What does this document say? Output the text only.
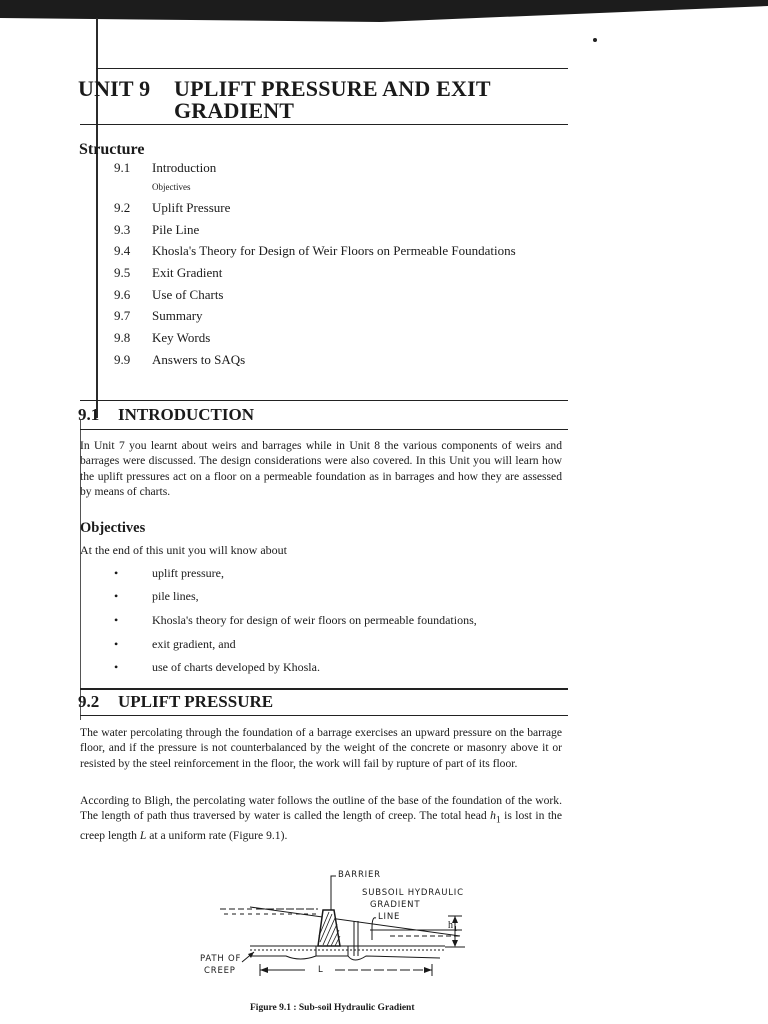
UNIT 9 UPLIFT PRESSURE AND EXIT
GRADIENT
Structure
9.1	Introduction
Objectives
9.2	Uplift Pressure
9.3	Pile Line
9.4	Khosla's Theory for Design of Weir Floors on Permeable Foundations
9.5	Exit Gradient
9.6	Use of Charts
9.7	Summary
9.8	Key Words
9.9	Answers to SAQs
9.1 INTRODUCTION
In Unit 7 you learnt about weirs and barrages while in Unit 8 the various components of weirs and barrages were discussed. The design considerations were also covered. In this Unit you will learn how the uplift pressures act on a floor on a permeable foundation as in barrages and how they are assessed by means of charts.
Objectives
At the end of this unit you will know about
•	uplift pressure,
•	pile lines,
•	Khosla's theory for design of weir floors on permeable foundations,
•	exit gradient, and
•	use of charts developed by Khosla.
9.2 UPLIFT PRESSURE
The water percolating through the foundation of a barrage exercises an upward pressure on the barrage floor, and if the pressure is not counterbalanced by the weight of the concrete or masonry above it or resisted by the steel reinforcement in the floor, the work will fail by rupture of part of its floor.
According to Bligh, the percolating water follows the outline of the base of the foundation of the work. The length of path thus traversed by water is called the length of creep. The total head $h_1$ is lost in the creep length L at a uniform rate (Figure 9.1).
BARRIER
SUBSOIL HYDRAULIC
GRADIENT
LINE
$h_1$
PATH OF
CREEP	L
Figure 9.1 : Sub-soil Hydraulic Gradient
